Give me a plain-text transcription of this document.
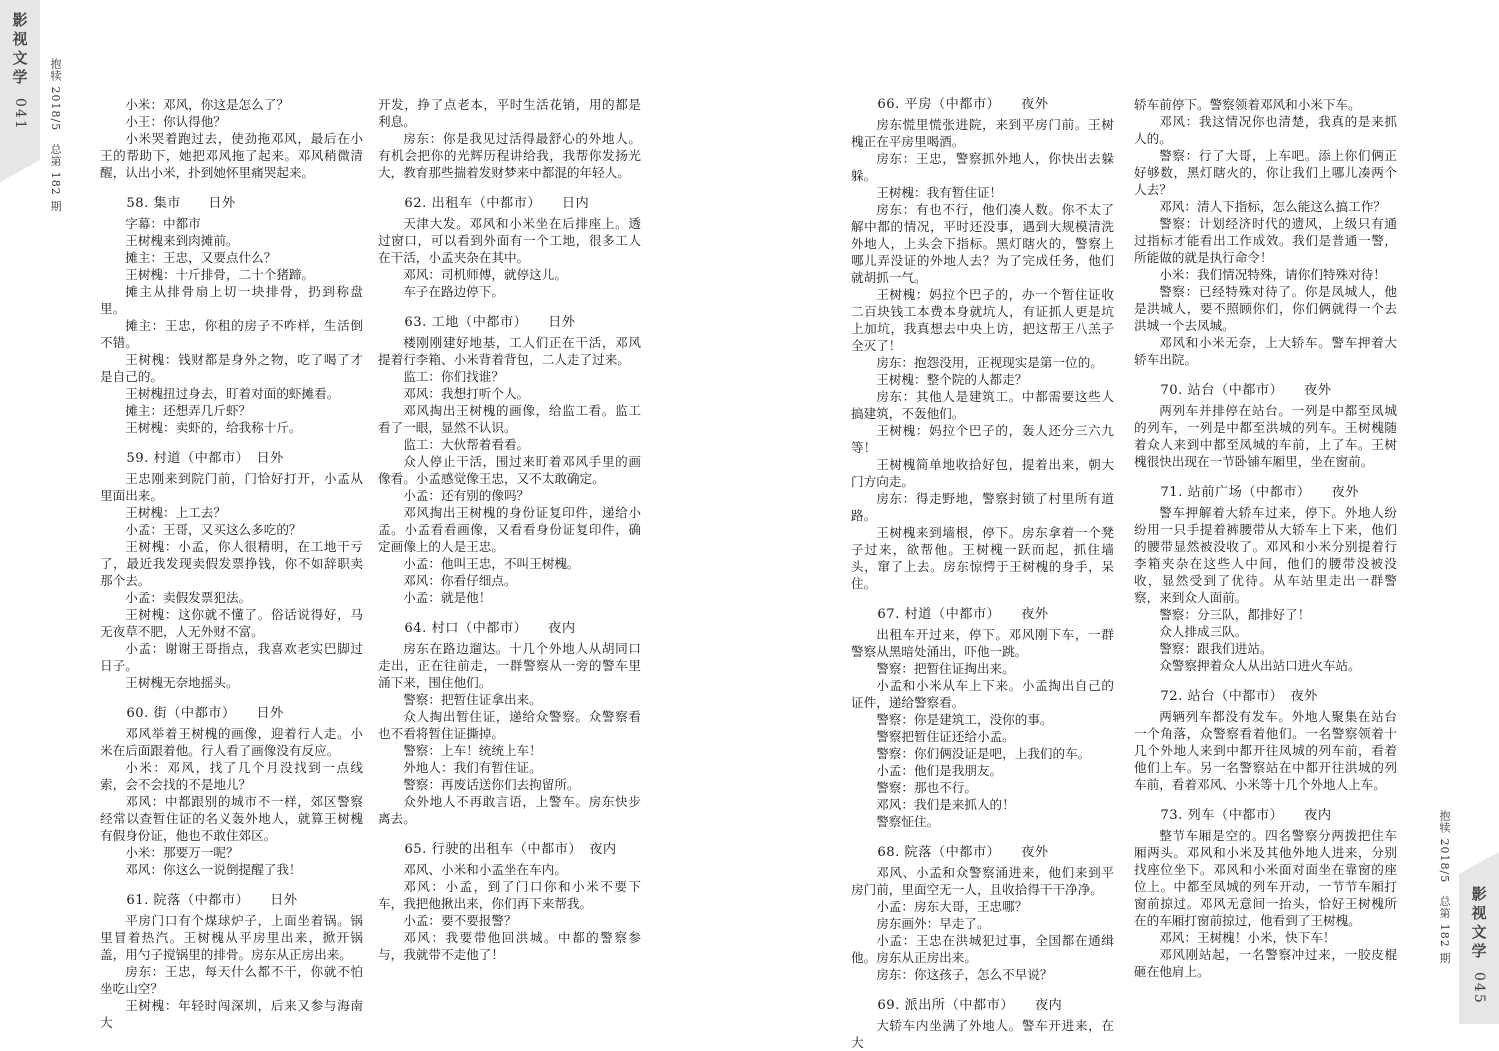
影视文学
041 抱犊 2018/5　总第 182 期	小米：邓风，你这是怎么了？

小王：你认得他？

小米哭着跑过去，使劲拖邓风，最后在小王的帮助下，她把邓风拖了起来。邓风稍微清醒，认出小米，扑到她怀里痛哭起来。

58. 集市　　日外

字幕：中都市

王树槐来到肉摊前。

摊主：王忠，又要点什么？

王树槐：十斤排骨，二十个猪蹄。

摊主从排骨扇上切一块排骨，扔到称盘里。

摊主：王忠，你租的房子不咋样，生活倒不错。

王树槐：钱财都是身外之物，吃了喝了才是自己的。

王树槐扭过身去，盯着对面的虾摊看。

摊主：还想弄几斤虾？

王树槐：卖虾的，给我称十斤。

59. 村道（中都市）　日外

王忠刚来到院门前，门恰好打开，小孟从里面出来。

王树槐：上工去？

小孟：王哥，又买这么多吃的？

王树槐：小孟，你人很精明，在工地干亏了，最近我发现卖假发票挣钱，你不如辞职卖那个去。

小孟：卖假发票犯法。

王树槐：这你就不懂了。俗话说得好，马无夜草不肥，人无外财不富。

小孟：谢谢王哥指点，我喜欢老实巴脚过日子。

王树槐无奈地摇头。

60. 街（中都市）　　日外

邓风举着王树槐的画像，迎着行人走。小米在后面跟着他。行人看了画像没有反应。

小米：邓风，找了几个月没找到一点线索，会不会找的不是地儿？

邓风：中都跟别的城市不一样，郊区警察经常以查暂住证的名义轰外地人，就算王树槐有假身份证，他也不敢住郊区。

小米：那要万一呢？

邓风：你这么一说倒提醒了我！

61. 院落（中都市）　　日外

平房门口有个煤球炉子，上面坐着锅。锅里冒着热汽。王树槐从平房里出来，掀开锅盖，用勺子搅锅里的排骨。房东从正房出来。

房东：王忠，每天什么都不干，你就不怕坐吃山空？

王树槐：年轻时闯深圳，后来又参与海南大

开发，挣了点老本，平时生活花销，用的都是利息。

房东：你是我见过活得最舒心的外地人。有机会把你的光辉历程讲给我，我帮你发扬光大，教育那些揣着发财梦来中都混的年轻人。

62. 出租车（中都市）　　日内

天津大发。邓风和小米坐在后排座上。透过窗口，可以看到外面有一个工地，很多工人在干活，小孟夹杂在其中。

邓风：司机师傅，就停这儿。

车子在路边停下。

63. 工地（中都市）　　日外

楼刚刚建好地基，工人们正在干活，邓风提着行李箱、小米背着背包，二人走了过来。

监工：你们找谁？

邓风：我想打听个人。

邓风掏出王树槐的画像，给监工看。监工看了一眼，显然不认识。

监工：大伙帮着看看。

众人停止干活，围过来盯着邓风手里的画像看。小孟感觉像王忠，又不太敢确定。

小孟：还有别的像吗？

邓风掏出王树槐的身份证复印件，递给小孟。小孟看看画像，又看看身份证复印件，确定画像上的人是王忠。

小孟：他叫王忠，不叫王树槐。

邓风：你看仔细点。

小孟：就是他！

64. 村口（中都市）　　夜内

房东在路边遛达。十几个外地人从胡同口走出，正在往前走，一群警察从一旁的警车里涌下来，围住他们。

警察：把暂住证拿出来。

众人掏出暂住证，递给众警察。众警察看也不看将暂住证撕掉。

警察：上车！统统上车！

外地人：我们有暂住证。

警察：再废话送你们去拘留所。

众外地人不再敢言语，上警车。房东快步离去。

65. 行驶的出租车（中都市）　夜内

邓风、小米和小孟坐在车内。

邓风：小孟，到了门口你和小米不要下车，我把他揪出来，你们再下来帮我。

小孟：要不要报警？

邓风：我要带他回洪城。中都的警察参与，我就带不走他了！

66. 平房（中都市）　　夜外

房东慌里慌张进院，来到平房门前。王树槐正在平房里喝酒。

房东：王忠，警察抓外地人，你快出去躲躲。

王树槐：我有暂住证！

房东：有也不行，他们凑人数。你不太了解中都的情况，平时还没事，遇到大规模清洗外地人，上头会下指标。黑灯瞎火的，警察上哪儿弄没证的外地人去？为了完成任务，他们就胡抓一气。

王树槐：妈拉个巴子的，办一个暂住证收二百块钱工本费本身就坑人，有证抓人更是坑上加坑，我真想去中央上访，把这帮王八羔子全灭了！

房东：抱怨没用，正视现实是第一位的。

王树槐：整个院的人都走？

房东：其他人是建筑工。中都需要这些人搞建筑，不轰他们。

王树槐：妈拉个巴子的，轰人还分三六九等！

王树槐简单地收拾好包，提着出来，朝大门方向走。

房东：得走野地，警察封锁了村里所有道路。

王树槐来到墙根，停下。房东拿着一个凳子过来，欲帮他。王树槐一跃而起，抓住墙头，窜了上去。房东惊愕于王树槐的身手，呆住。

67. 村道（中都市）　　夜外

出租车开过来，停下。邓风刚下车，一群警察从黑暗处涌出，吓他一跳。

警察：把暂住证掏出来。

小孟和小米从车上下来。小孟掏出自己的证件，递给警察看。

警察：你是建筑工，没你的事。

警察把暂住证还给小孟。

警察：你们俩没证是吧，上我们的车。

小孟：他们是我朋友。

警察：那也不行。

邓风：我们是来抓人的！

警察怔住。

68. 院落（中都市）　　夜外

邓风、小孟和众警察涌进来，他们来到平房门前，里面空无一人，且收拾得干干净净。

小孟：房东大哥，王忠哪？

房东画外：早走了。

小孟：王忠在洪城犯过事，全国都在通缉他。房东从正房出来。

房东：你这孩子，怎么不早说？

69. 派出所（中都市）　　夜内

大轿车内坐满了外地人。警车开进来，在大

轿车前停下。警察领着邓风和小米下车。

邓风：我这情况你也清楚，我真的是来抓人的。

警察：行了大哥，上车吧。添上你们俩正好够数，黑灯瞎火的，你让我们上哪儿凑两个人去？

邓风：清人下指标，怎么能这么搞工作？

警察：计划经济时代的遗风，上级只有通过指标才能看出工作成效。我们是普通一警，所能做的就是执行命令！

小米：我们情况特殊，请你们特殊对待！

警察：已经特殊对待了。你是凤城人，他是洪城人，要不照顾你们，你们俩就得一个去洪城一个去凤城。

邓风和小米无奈，上大轿车。警车押着大轿车出院。

70. 站台（中都市）　　夜外

两列车并排停在站台。一列是中都至凤城的列车，一列是中都至洪城的列车。王树槐随着众人来到中都至凤城的车前，上了车。王树槐很快出现在一节卧铺车厢里，坐在窗前。

71. 站前广场（中都市）　　夜外

警车押解着大轿车过来，停下。外地人纷纷用一只手提着裤腰带从大轿车上下来，他们的腰带显然被没收了。邓风和小米分别提着行李箱夹杂在这些人中间，他们的腰带没被没收，显然受到了优待。从车站里走出一群警察，来到众人面前。

警察：分三队，都排好了！

众人排成三队。

警察：跟我们进站。

众警察押着众人从出站口进火车站。

72. 站台（中都市）　夜外

两辆列车都没有发车。外地人聚集在站台一个角落，众警察看着他们。一名警察领着十几个外地人来到中都开往凤城的列车前，看着他们上车。另一名警察站在中都开往洪城的列车前，看着邓风、小米等十几个外地人上车。

73. 列车（中都市）　　夜内

整节车厢是空的。四名警察分两拨把住车厢两头。邓风和小米及其他外地人进来，分别找座位坐下。邓风和小米面对面坐在靠窗的座位上。中都至凤城的列车开动，一节节车厢打窗前掠过。邓风无意间一抬头，恰好王树槐所在的车厢打窗前掠过，他看到了王树槐。

邓风：王树槐！小米，快下车！

邓风刚站起，一名警察冲过来，一胶皮棍砸在他肩上。

抱犊 2018/5　总第 182 期 影视文学
045
